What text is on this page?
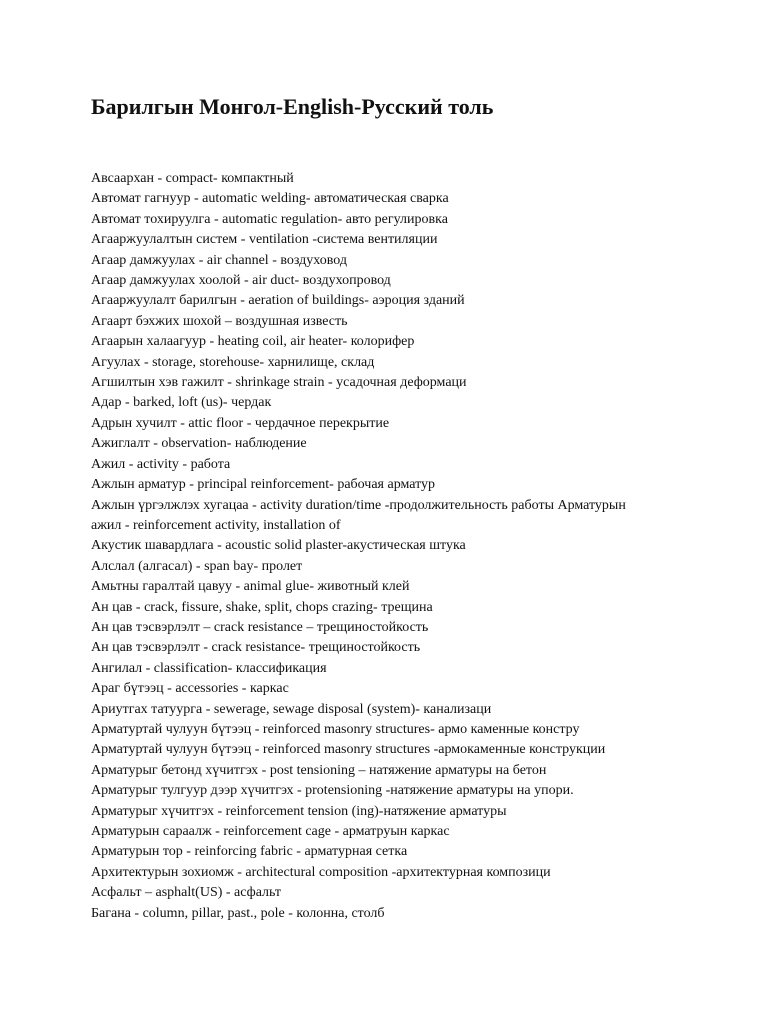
Барилгын Монгол-English-Русский толь
Авсаархан - compact- компактный
Автомат гагнуур - automatic welding- автоматическая сварка
Автомат тохируулга - automatic regulation- авто регулировка
Агааржуулалтын систем - ventilation -система вентиляции
Агаар дамжуулах - air channel - воздуховод
Агаар дамжуулах хоолой - air duct- воздухопровод
Агааржуулалт барилгын - aeration of buildings- аэроция зданий
Агаарт бэхжих шохой – воздушная известь
Агаарын халаагуур - heating coil, air heater- колорифер
Агуулах - storage, storehouse- харнилище, склад
Агшилтын хэв гажилт - shrinkage strain - усадочная деформаци
Адар - barked, loft (us)- чердак
Адрын хучилт - attic floor - чердачное перекрытие
Ажиглалт - observation- наблюдение
Ажил - activity - работа
Ажлын арматур - principal reinforcement- рабочая арматур
Ажлын үргэлжлэх хугацаа - activity duration/time -продолжительность работы Арматурын
ажил - reinforcement activity, installation of
Акустик шавардлага - acoustic solid plaster-акустическая штука
Алслал (алгасал) - span bay- пролет
Амьтны гаралтай цавуу - animal glue- животный клей
Ан цав - crack, fissure, shake, split, chops crazing- трещина
Ан цав тэсвэрлэлт – crack resistance – трещиностойкость
Ан цав тэсвэрлэлт - crack resistance- трещиностойкость
Ангилал - classification- классификация
Араг бүтээц - accessories - каркас
Ариутгах татуурга - sewerage, sewage disposal (system)- канализаци
Арматуртай чулуун бүтээц - reinforced masonry structures- армо каменные констру
Арматуртай чулуун бүтээц - reinforced masonry structures -армокаменные конструкции
Арматурыг бетонд хүчитгэх - post tensioning – натяжение арматуры на бетон
Арматурыг тулгуур дээр хүчитгэх - protensioning -натяжение арматуры на упори.
Арматурыг хүчитгэх - reinforcement tension (ing)-натяжение арматуры
Арматурын сараалж - reinforcement cage - арматруын каркас
Арматурын тор - reinforcing fabric - арматурная сетка
Архитектурын зохиомж - architectural composition -архитектурная композици
Асфальт – asphalt(US) - асфальт
Багана - column, pillar, past., pole - колонна, столб
